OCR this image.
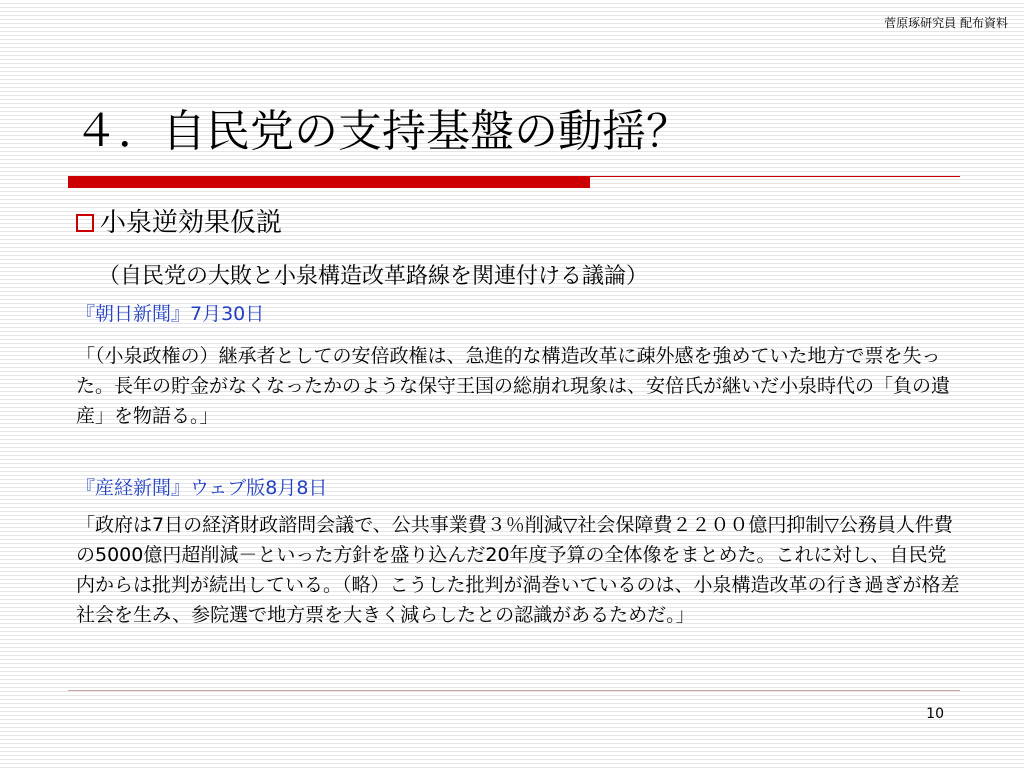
菅原琢研究員 配布資料
４．自民党の支持基盤の動揺？
小泉逆効果仮説
（自民党の大敗と小泉構造改革路線を関連付ける議論）
『朝日新聞』7月30日
「（小泉政権の）継承者としての安倍政権は、急進的な構造改革に疎外感を強めていた地方で票を失った。長年の貯金がなくなったかのような保守王国の総崩れ現象は、安倍氏が継いだ小泉時代の「負の遺産」を物語る。」
『産経新聞』ウェブ版8月8日
「政府は7日の経済財政諮問会議で、公共事業費３％削減▽社会保障費２２００億円抑制▽公務員人件費の5000億円超削減－といった方針を盛り込んだ20年度予算の全体像をまとめた。これに対し、自民党内からは批判が続出している。（略）こうした批判が渦巻いているのは、小泉構造改革の行き過ぎが格差社会を生み、参院選で地方票を大きく減らしたとの認識があるためだ。」
10
